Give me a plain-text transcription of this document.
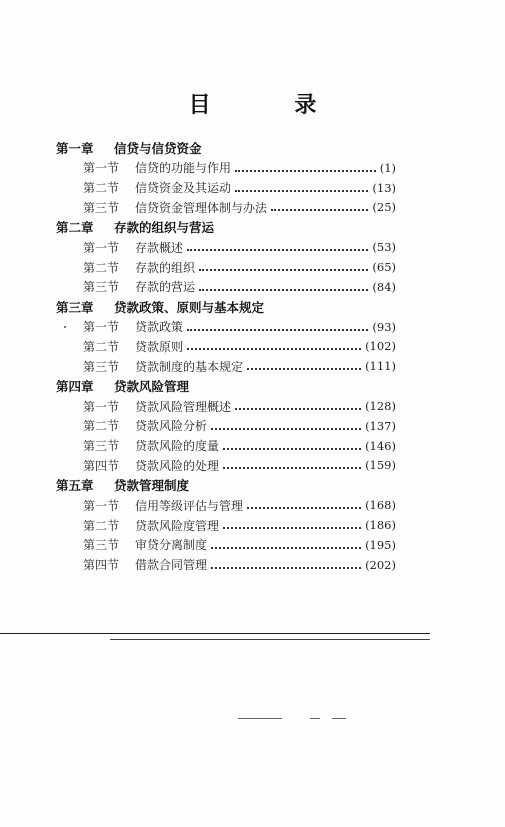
目 录
第一章	信贷与信贷资金
第一节	信贷的功能与作用	(1)
第二节	信贷资金及其运动	(13)
第三节	信贷资金管理体制与办法	(25)
第二章	存款的组织与营运
第一节	存款概述	(53)
第二节	存款的组织	(65)
第三节	存款的营运	(84)
第三章	贷款政策、原则与基本规定
第一节	贷款政策	(93)
第二节	贷款原则	(102)
第三节	贷款制度的基本规定	(111)
第四章	贷款风险管理
第一节	贷款风险管理概述	(128)
第二节	贷款风险分析	(137)
第三节	贷款风险的度量	(146)
第四节	贷款风险的处理	(159)
第五章	贷款管理制度
第一节	信用等级评估与管理	(168)
第二节	贷款风险度管理	(186)
第三节	审贷分离制度	(195)
第四节	借款合同管理	(202)
